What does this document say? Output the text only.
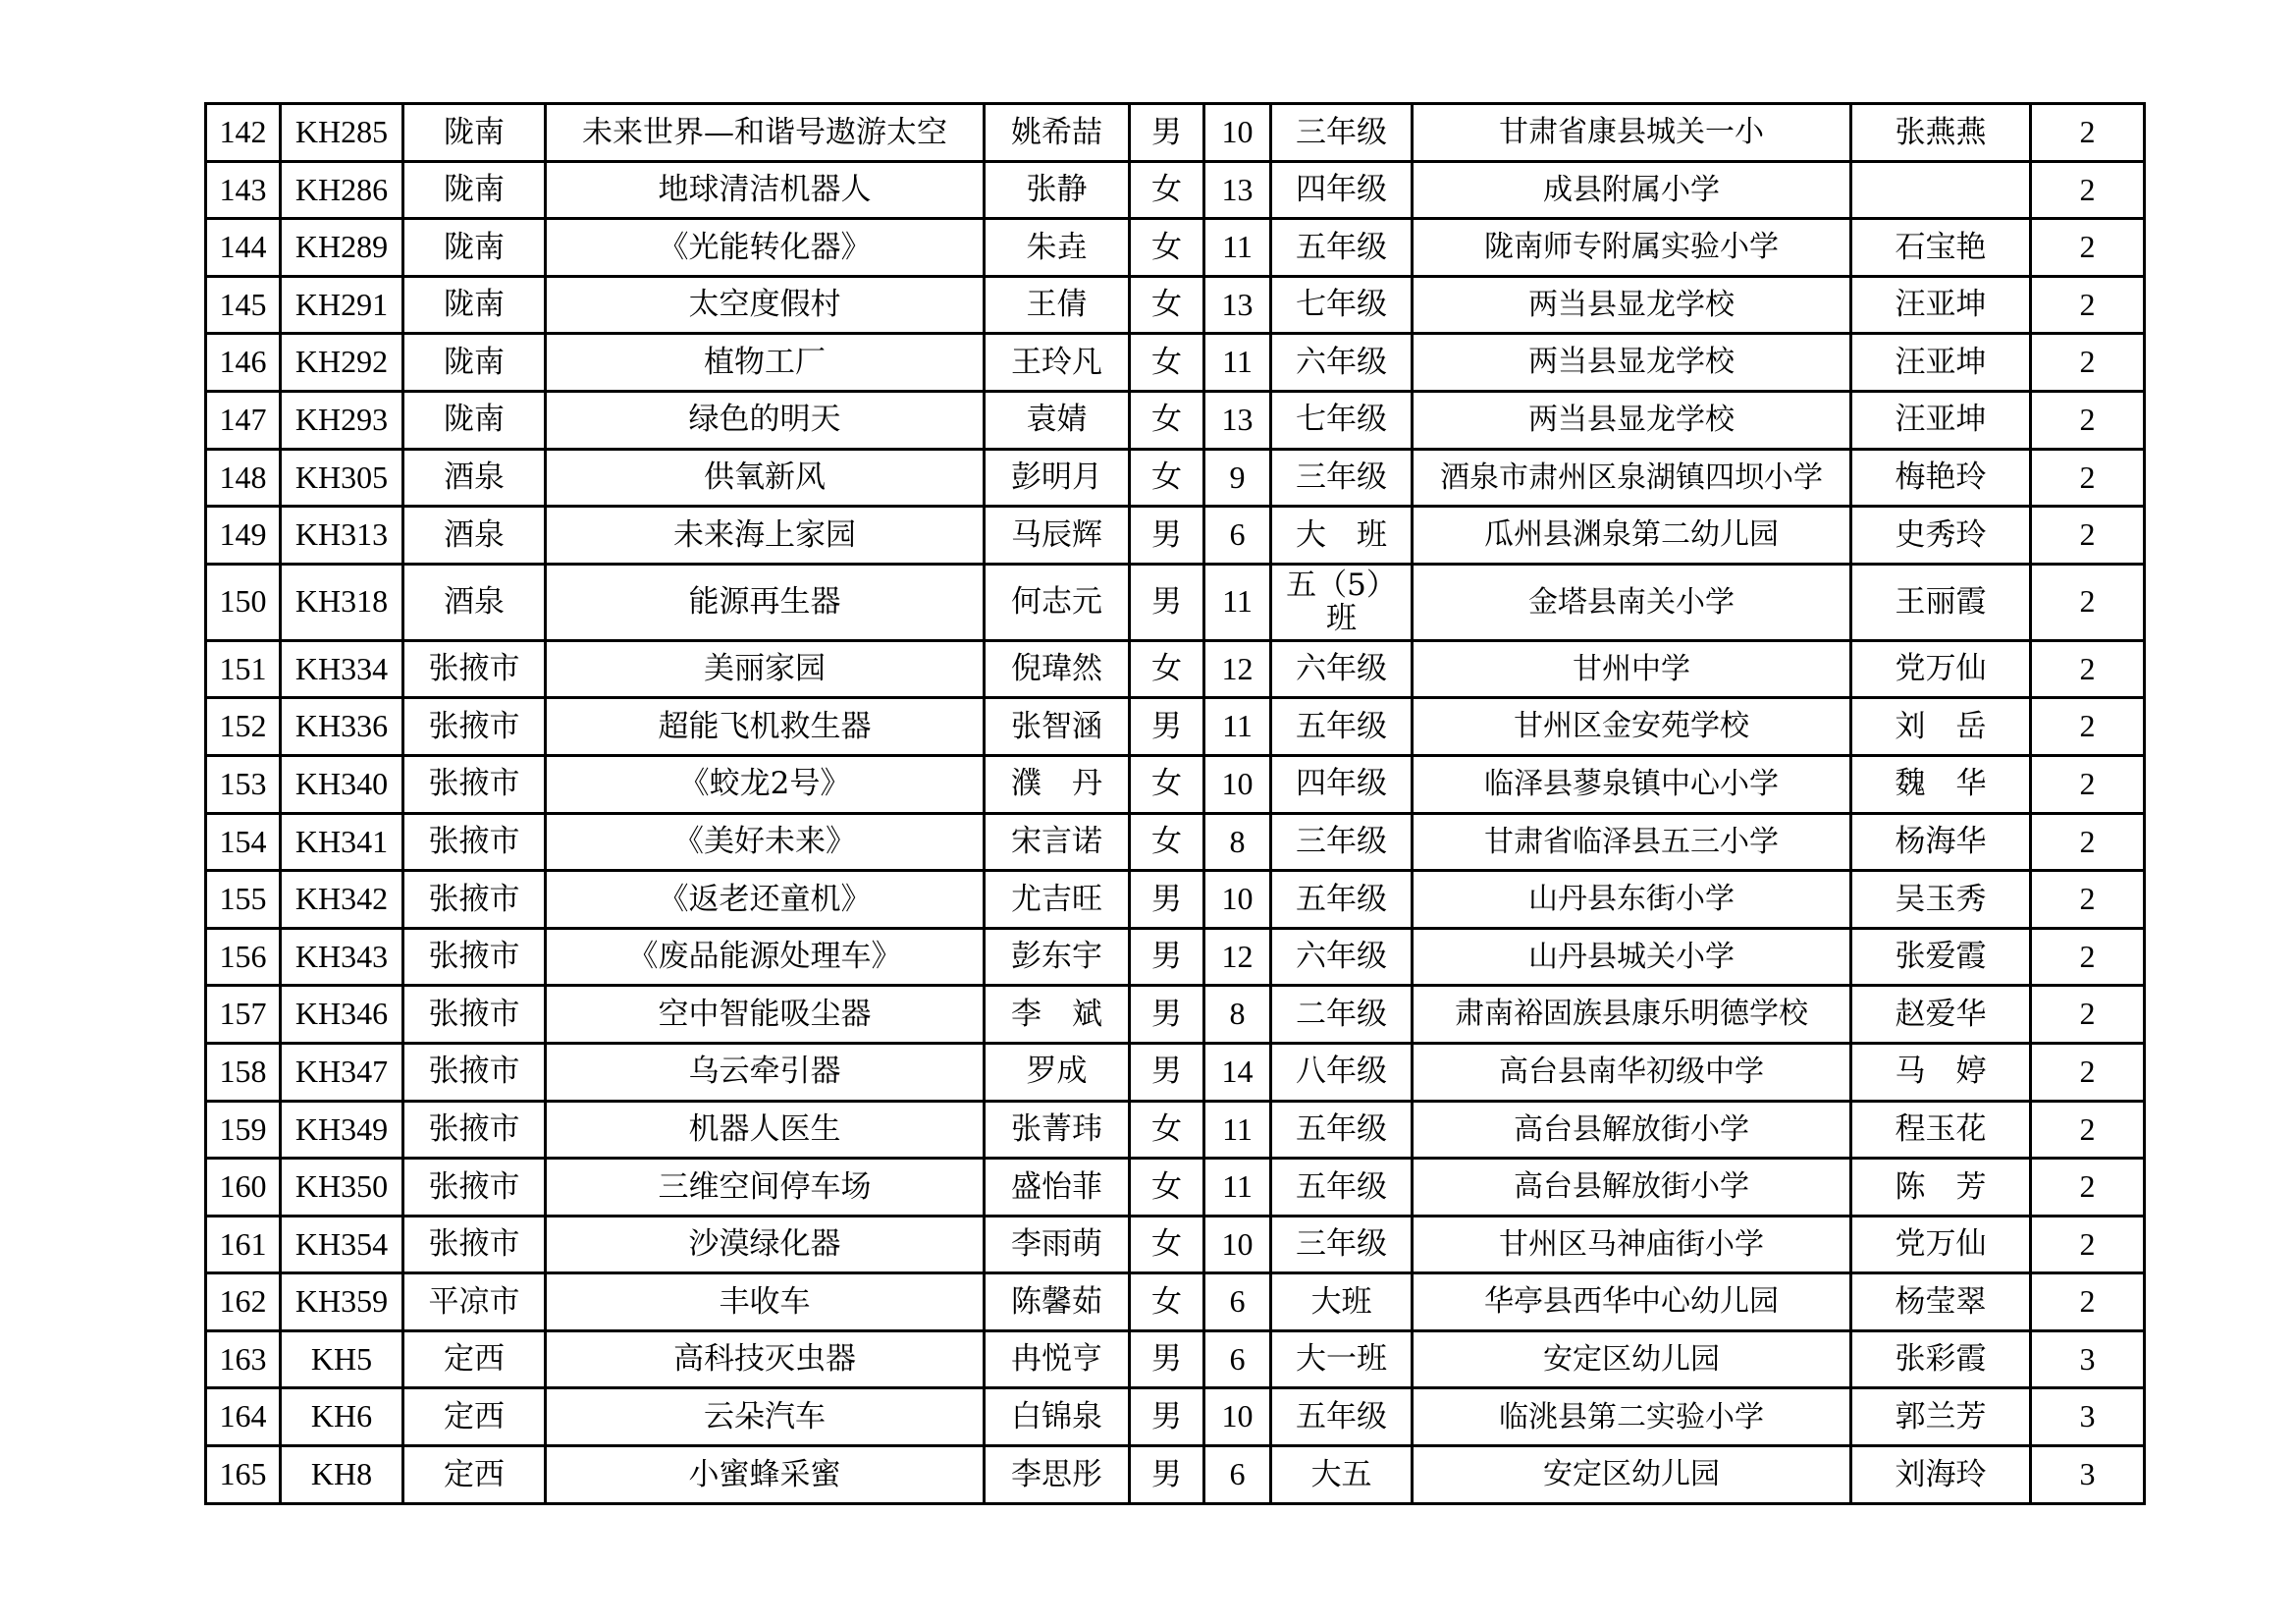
142	KH285	陇南	未来世界—和谐号遨游太空	姚希喆	男	10	三年级	甘肃省康县城关一小	张燕燕	2
143	KH286	陇南	地球清洁机器人	张静	女	13	四年级	成县附属小学		2
144	KH289	陇南	《光能转化器》	朱垚	女	11	五年级	陇南师专附属实验小学	石宝艳	2
145	KH291	陇南	太空度假村	王倩	女	13	七年级	两当县显龙学校	汪亚坤	2
146	KH292	陇南	植物工厂	王玲凡	女	11	六年级	两当县显龙学校	汪亚坤	2
147	KH293	陇南	绿色的明天	袁婧	女	13	七年级	两当县显龙学校	汪亚坤	2
148	KH305	酒泉	供氧新风	彭明月	女	9	三年级	酒泉市肃州区泉湖镇四坝小学	梅艳玲	2
149	KH313	酒泉	未来海上家园	马辰辉	男	6	大　班	瓜州县渊泉第二幼儿园	史秀玲	2
150	KH318	酒泉	能源再生器	何志元	男	11	五（5）班	金塔县南关小学	王丽霞	2
151	KH334	张掖市	美丽家园	倪瑋然	女	12	六年级	甘州中学	党万仙	2
152	KH336	张掖市	超能飞机救生器	张智涵	男	11	五年级	甘州区金安苑学校	刘　岳	2
153	KH340	张掖市	《蛟龙2号》	濮　丹	女	10	四年级	临泽县蓼泉镇中心小学	魏　华	2
154	KH341	张掖市	《美好未来》	宋言诺	女	8	三年级	甘肃省临泽县五三小学	杨海华	2
155	KH342	张掖市	《返老还童机》	尤吉旺	男	10	五年级	山丹县东街小学	吴玉秀	2
156	KH343	张掖市	《废品能源处理车》	彭东宇	男	12	六年级	山丹县城关小学	张爱霞	2
157	KH346	张掖市	空中智能吸尘器	李　斌	男	8	二年级	肃南裕固族县康乐明德学校	赵爱华	2
158	KH347	张掖市	乌云牵引器	罗成	男	14	八年级	高台县南华初级中学	马　婷	2
159	KH349	张掖市	机器人医生	张菁玮	女	11	五年级	高台县解放街小学	程玉花	2
160	KH350	张掖市	三维空间停车场	盛怡菲	女	11	五年级	高台县解放街小学	陈　芳	2
161	KH354	张掖市	沙漠绿化器	李雨萌	女	10	三年级	甘州区马神庙街小学	党万仙	2
162	KH359	平凉市	丰收车	陈馨茹	女	6	大班	华亭县西华中心幼儿园	杨莹翠	2
163	KH5	定西	高科技灭虫器	冉悦亨	男	6	大一班	安定区幼儿园	张彩霞	3
164	KH6	定西	云朵汽车	白锦泉	男	10	五年级	临洮县第二实验小学	郭兰芳	3
165	KH8	定西	小蜜蜂采蜜	李思彤	男	6	大五	安定区幼儿园	刘海玲	3
